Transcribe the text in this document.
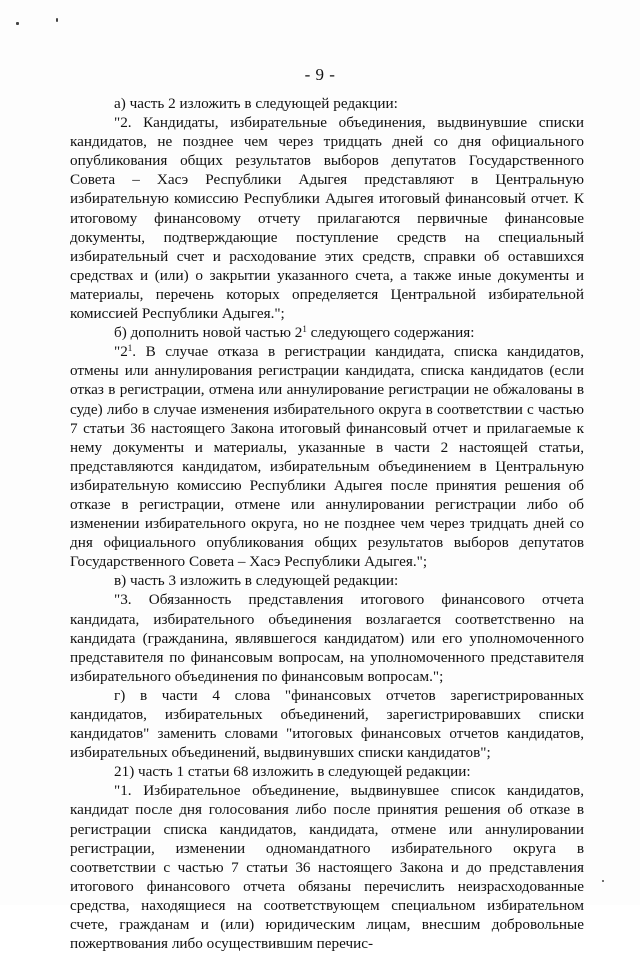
- 9 -

а) часть 2 изложить в следующей редакции:

"2. Кандидаты, избирательные объединения, выдвинувшие списки кандидатов, не позднее чем через тридцать дней со дня официального опубликования общих результатов выборов депутатов Государственного Совета – Хасэ Республики Адыгея представляют в Центральную избирательную комиссию Республики Адыгея итоговый финансовый отчет. К итоговому финансовому отчету прилагаются первичные финансовые документы, подтверждающие поступление средств на специальный избирательный счет и расходование этих средств, справки об оставшихся средствах и (или) о закрытии указанного счета, а также иные документы и материалы, перечень которых определяется Центральной избирательной комиссией Республики Адыгея.";

б) дополнить новой частью $2^1$ следующего содержания:

"$2^1$. В случае отказа в регистрации кандидата, списка кандидатов, отмены или аннулирования регистрации кандидата, списка кандидатов (если отказ в регистрации, отмена или аннулирование регистрации не обжалованы в суде) либо в случае изменения избирательного округа в соответствии с частью 7 статьи 36 настоящего Закона итоговый финансовый отчет и прилагаемые к нему документы и материалы, указанные в части 2 настоящей статьи, представляются кандидатом, избирательным объединением в Центральную избирательную комиссию Республики Адыгея после принятия решения об отказе в регистрации, отмене или аннулировании регистрации либо об изменении избирательного округа, но не позднее чем через тридцать дней со дня официального опубликования общих результатов выборов депутатов Государственного Совета – Хасэ Республики Адыгея.";

в) часть 3 изложить в следующей редакции:

"3. Обязанность представления итогового финансового отчета кандидата, избирательного объединения возлагается соответственно на кандидата (гражданина, являвшегося кандидатом) или его уполномоченного представителя по финансовым вопросам, на уполномоченного представителя избирательного объединения по финансовым вопросам.";

г) в части 4 слова "финансовых отчетов зарегистрированных кандидатов, избирательных объединений, зарегистрировавших списки кандидатов" заменить словами "итоговых финансовых отчетов кандидатов, избирательных объединений, выдвинувших списки кандидатов";

21) часть 1 статьи 68 изложить в следующей редакции:

"1. Избирательное объединение, выдвинувшее список кандидатов, кандидат после дня голосования либо после принятия решения об отказе в регистрации списка кандидатов, кандидата, отмене или аннулировании регистрации, изменении одномандатного избирательного округа в соответствии с частью 7 статьи 36 настоящего Закона и до представления итогового финансового отчета обязаны перечислить неизрасходованные средства, находящиеся на соответствующем специальном избирательном счете, гражданам и (или) юридическим лицам, внесшим добровольные пожертвования либо осуществившим перечис-
